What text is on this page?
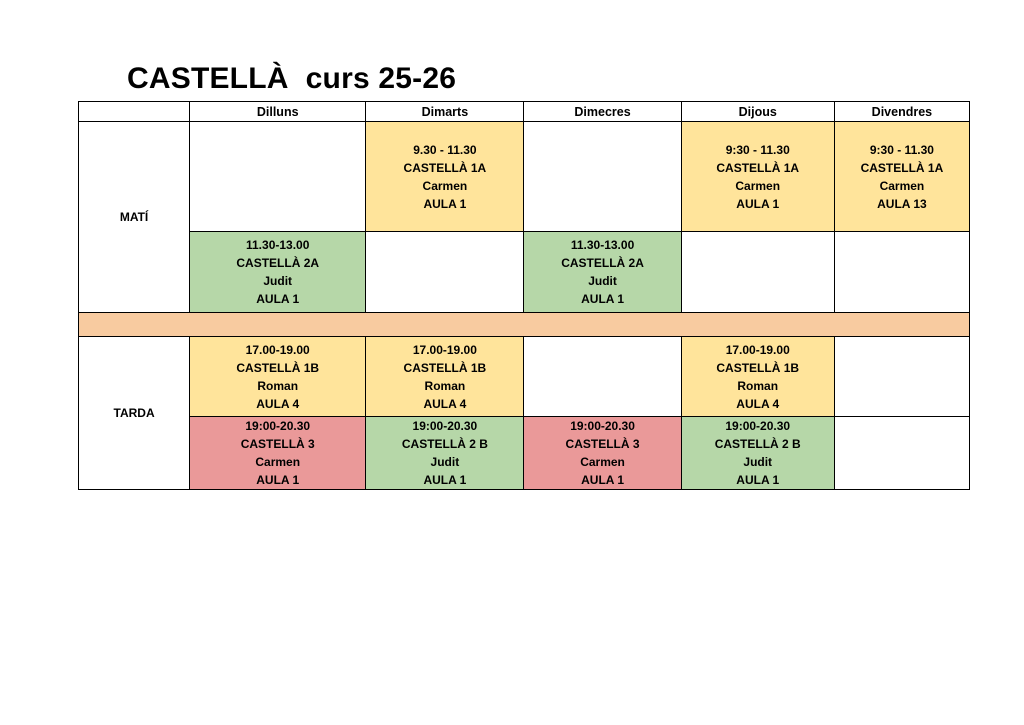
CASTELLÀ  curs 25-26
	Dilluns	Dimarts	Dimecres	Dijous	Divendres
MATÍ		9.30 - 11.30
CASTELLÀ 1A
Carmen
AULA 1		9:30 - 11.30
CASTELLÀ 1A
Carmen
AULA 1	9:30 - 11.30
CASTELLÀ 1A
Carmen
AULA 13

	11.30-13.00
CASTELLÀ 2A
Judit
AULA 1		11.30-13.00
CASTELLÀ 2A
Judit
AULA 1		

TARDA	17.00-19.00
CASTELLÀ 1B
Roman
AULA 4	17.00-19.00
CASTELLÀ 1B
Roman
AULA 4		17.00-19.00
CASTELLÀ 1B
Roman
AULA 4	

	19:00-20.30
CASTELLÀ 3
Carmen
AULA 1	19:00-20.30
CASTELLÀ 2 B
Judit
AULA 1	19:00-20.30
CASTELLÀ 3
Carmen
AULA 1	19:00-20.30
CASTELLÀ 2 B
Judit
AULA 1	
